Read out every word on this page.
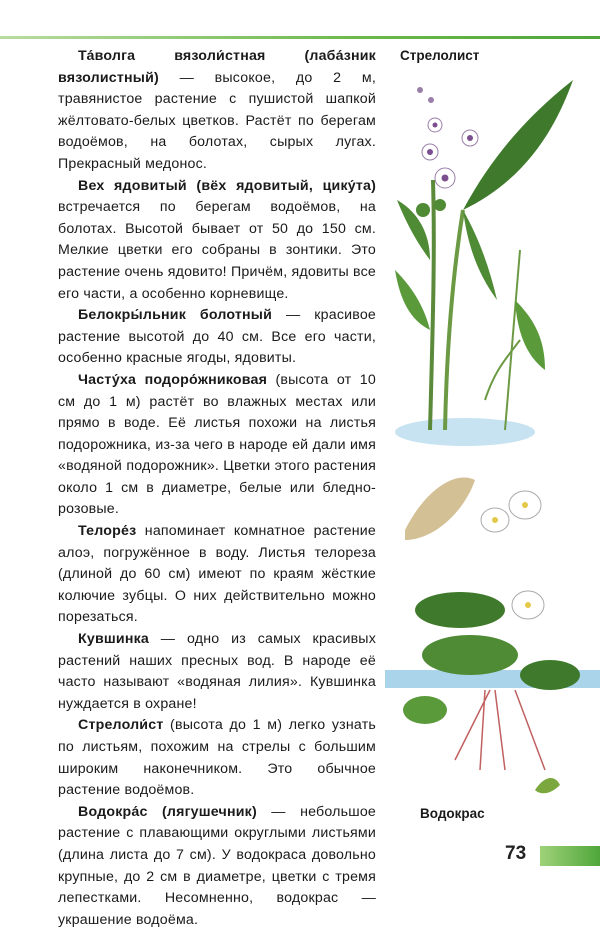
Та́волга вязоли́стная (лаба́зник вязолистный) — высокое, до 2 м, травянистое растение с пушистой шапкой жёлтовато-белых цветков. Растёт по берегам водоёмов, на болотах, сырых лугах. Прекрасный медонос.

Вех ядовитый (вёх ядовитый, цику́та) встречается по берегам водоёмов, на болотах. Высотой бывает от 50 до 150 см. Мелкие цветки его собраны в зонтики. Это растение очень ядовито! Причём, ядовиты все его части, а особенно корневище.

Белокры́льник болотный — красивое растение высотой до 40 см. Все его части, особенно красные ягоды, ядовиты.

Часту́ха подоро́жниковая (высота от 10 см до 1 м) растёт во влажных местах или прямо в воде. Её листья похожи на листья подорожника, из-за чего в народе ей дали имя «водяной подорожник». Цветки этого растения около 1 см в диаметре, белые или бледно-розовые.

Телоре́з напоминает комнатное растение алоэ, погружённое в воду. Листья телореза (длиной до 60 см) имеют по краям жёсткие колючие зубцы. О них действительно можно порезаться.

Кувшинка — одно из самых красивых растений наших пресных вод. В народе её часто называют «водяная лилия». Кувшинка нуждается в охране!

Стрелоли́ст (высота до 1 м) легко узнать по листьям, похожим на стрелы с большим широким наконечником. Это обычное растение водоёмов.

Водокра́с (лягушечник) — небольшое растение с плавающими округлыми листьями (длина листа до 7 см). У водокраса довольно крупные, до 2 см в диаметре, цветки с тремя лепестками. Несомненно, водокрас — украшение водоёма.

Стрелолист
Водокрас
73
